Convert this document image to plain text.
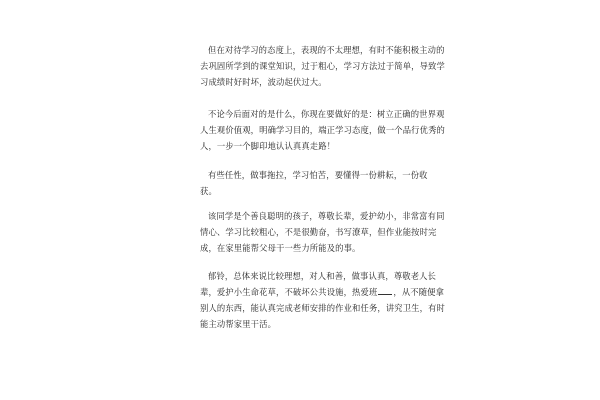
但在对待学习的态度上，表现的不太理想，有时不能积极主动的
去巩固所学到的课堂知识，过于粗心，学习方法过于简单，导致学
习成绩时好时坏，波动起伏过大。
不论今后面对的是什么，你现在要做好的是：树立正确的世界观
人生观价值观，明确学习目的，端正学习态度，做一个品行优秀的
人，一步一个脚印地认认真真走路！
有些任性，做事拖拉，学习怕苦，要懂得一份耕耘，一份收
获。
该同学是个善良聪明的孩子，尊敬长辈，爱护幼小，非常富有同
情心、学习比较粗心，不是很勤奋，书写潦草，但作业能按时完
成，在家里能帮父母干一些力所能及的事。
郁铃，总体来说比较理想，对人和善，做事认真，尊敬老人长
辈，爱护小生命花草，不破坏公共设施，热爱班 ，从不随便拿
别人的东西，能认真完成老师安排的作业和任务，讲究卫生，有时
能主动帮家里干活。
